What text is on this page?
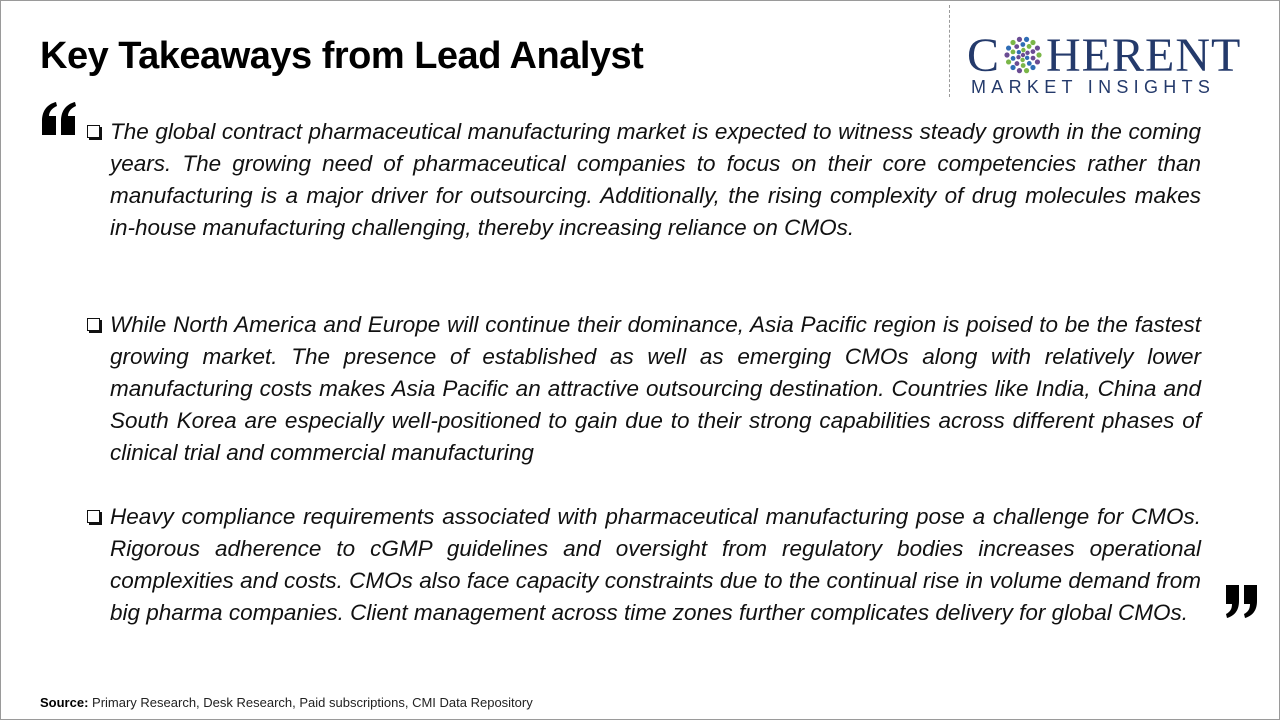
Key Takeaways from Lead Analyst	C HERENT
MARKET INSIGHTS
The global contract pharmaceutical manufacturing market is expected to witness steady growth in the coming years. The growing need of pharmaceutical companies to focus on their core competencies rather than manufacturing is a major driver for outsourcing. Additionally, the rising complexity of drug molecules makes in-house manufacturing challenging, thereby increasing reliance on CMOs.
While North America and Europe will continue their dominance, Asia Pacific region is poised to be the fastest growing market. The presence of established as well as emerging CMOs along with relatively lower manufacturing costs makes Asia Pacific an attractive outsourcing destination. Countries like India, China and South Korea are especially well-positioned to gain due to their strong capabilities across different phases of clinical trial and commercial manufacturing
Heavy compliance requirements associated with pharmaceutical manufacturing pose a challenge for CMOs. Rigorous adherence to cGMP guidelines and oversight from regulatory bodies increases operational complexities and costs. CMOs also face capacity constraints due to the continual rise in volume demand from big pharma companies. Client management across time zones further complicates delivery for global CMOs.
Source: Primary Research, Desk Research, Paid subscriptions, CMI Data Repository
